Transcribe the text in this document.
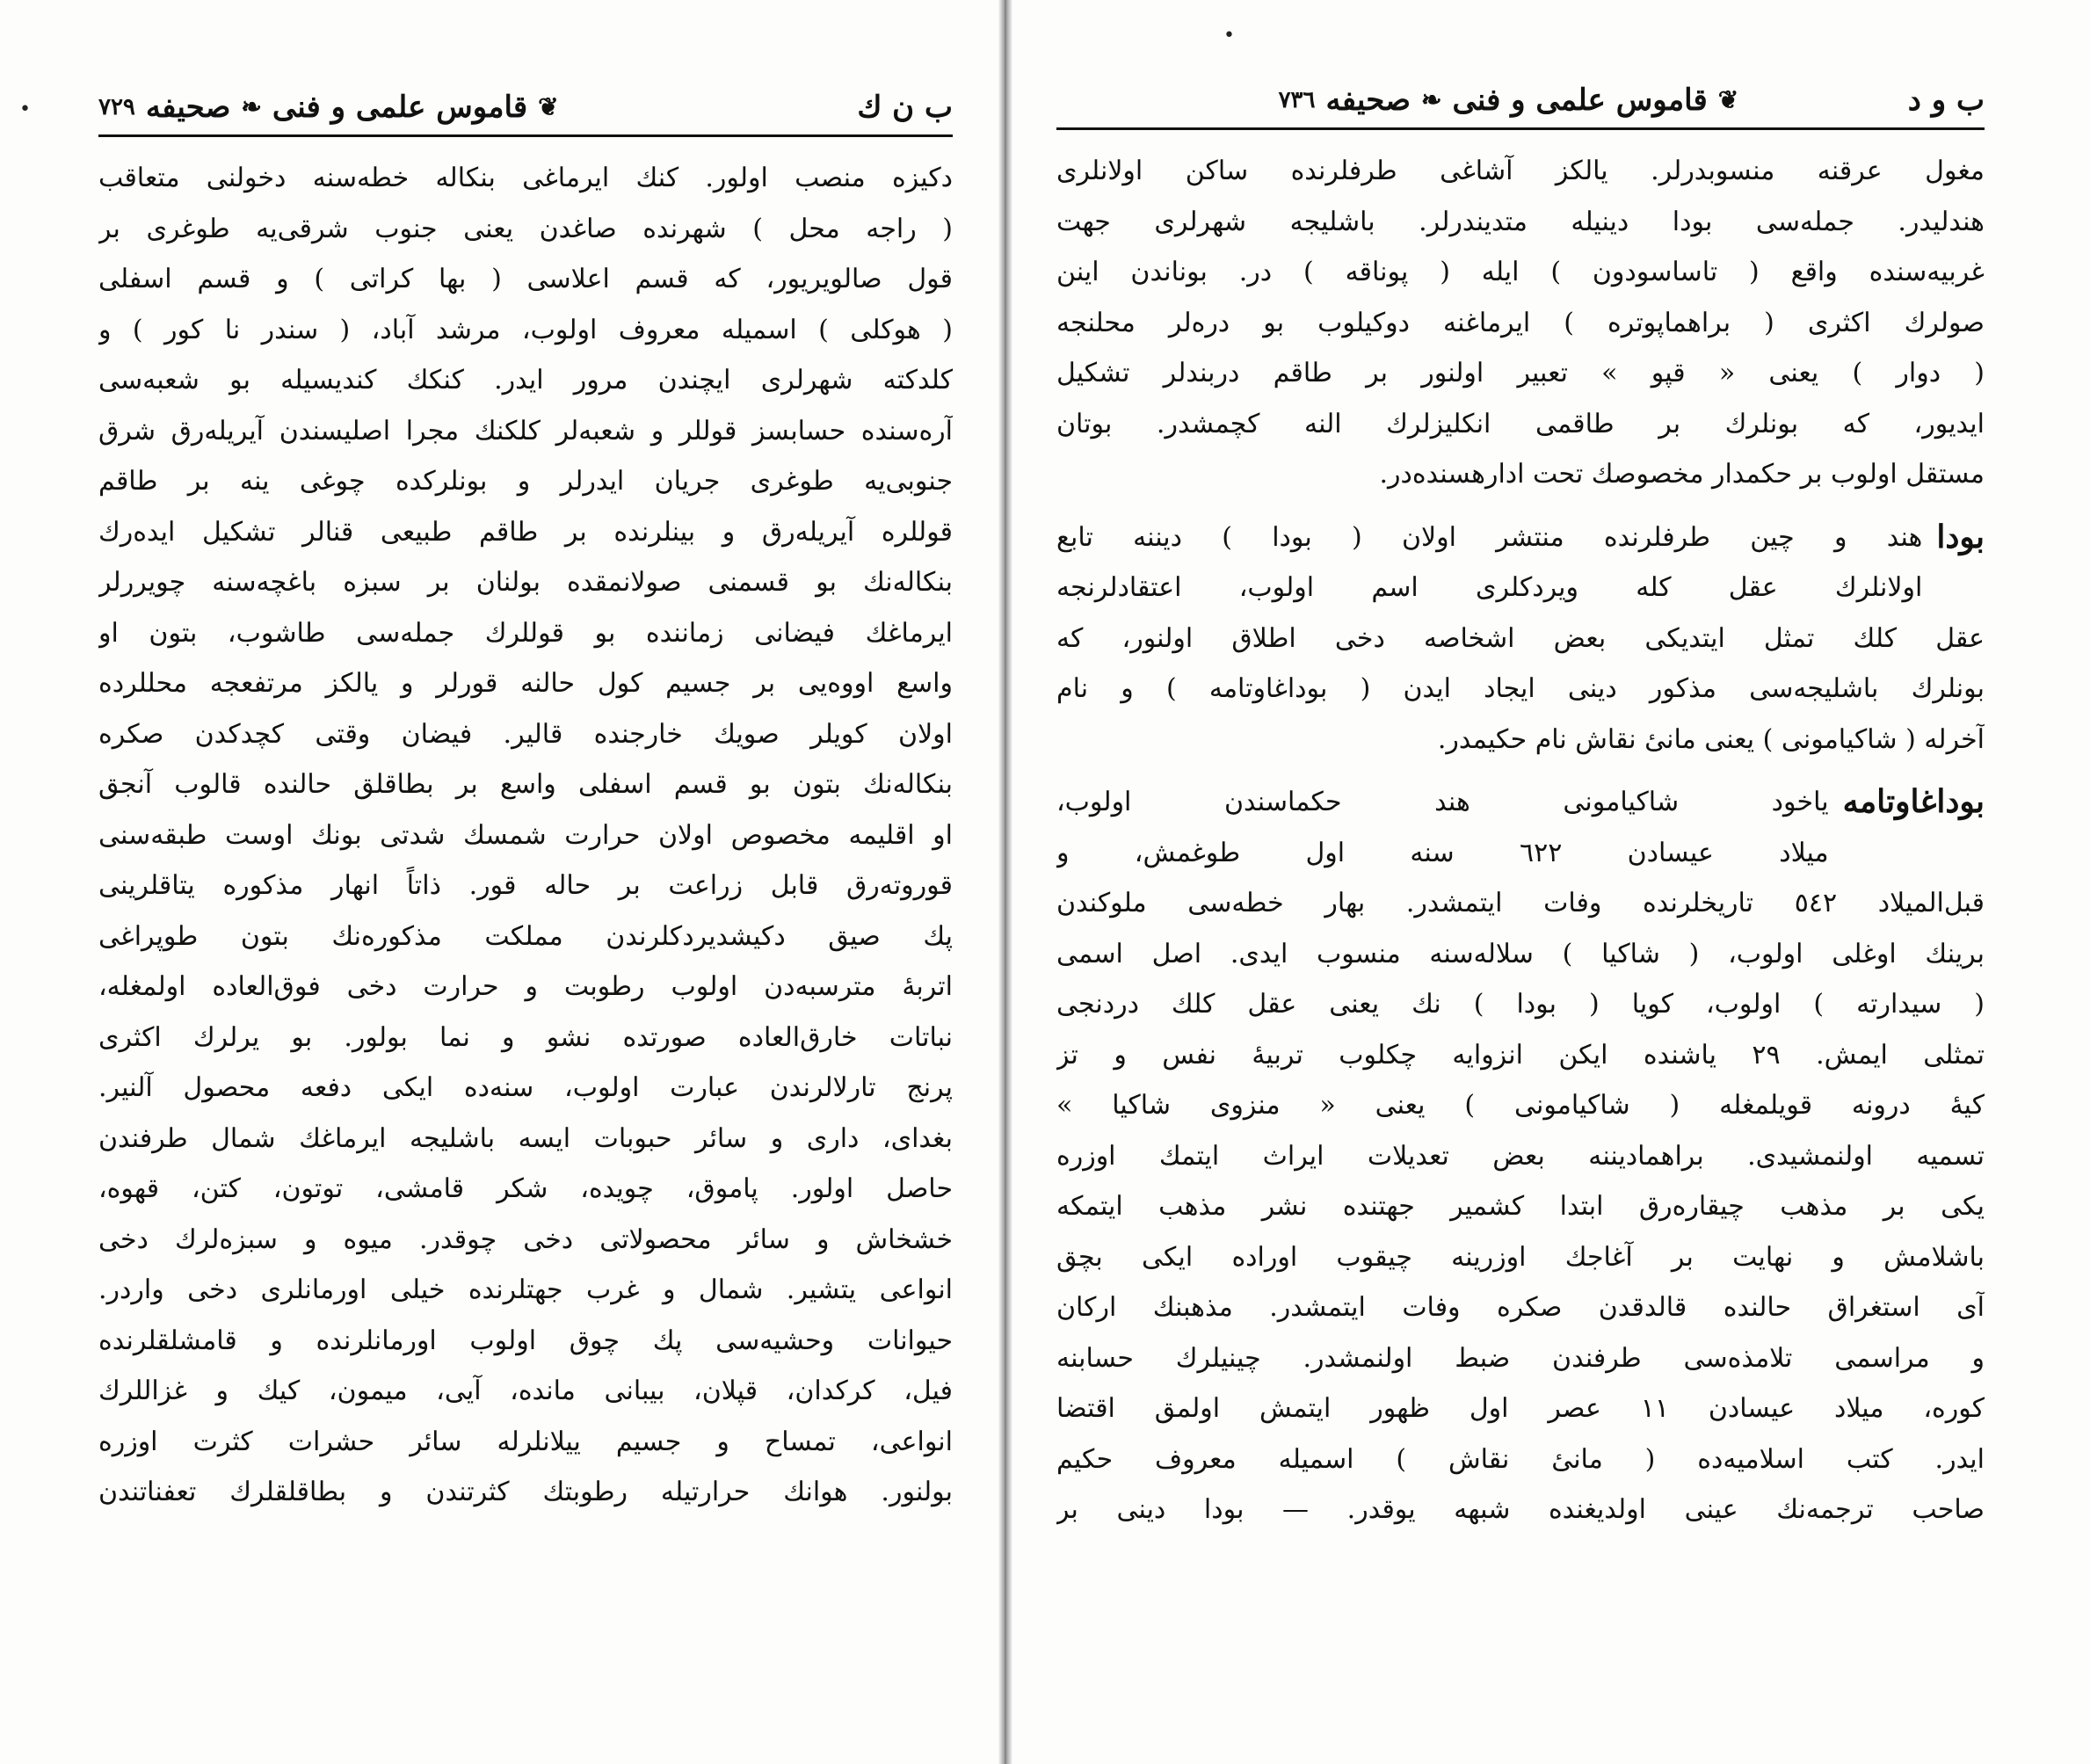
•
•
ب ن ك
❦
قاموس علمی و فنی
❧
صحیفه
٧٢٩
دکیزه منصب اولور. کنك ایرماغی بنکاله خطه‌سنه دخولنی متعاقب
( راجه محل ) شهرنده صاغدن یعنی جنوب شرقی‌یه طوغری بر
قول صالویریور، که قسم اعلاسی ( بها کراتی ) و قسم اسفلی
( هوکلی ) اسمیله معروف اولوب، مرشد آباد، ( سندر نا کور ) و
کلدکته شهرلری ایچندن مرور ایدر. کنکك کندیسیله بو شعبه‌سی
آره‌سنده حسابسز قوللر و شعبه‌لر کلکنك مجرا اصلیسندن آیریله‌رق شرق
جنوبی‌یه طوغری جریان ایدرلر و بونلرکده چوغی ینه بر طاقم
قوللره آیریله‌رق و بینلرنده بر طاقم طبیعی قنالر تشکیل ایده‌رك
بنکاله‌نك بو قسمنی صولانمقده بولنان بر سبزه باغچه‌سنه چویررلر
ایرماغك فیضانی زماننده بو قوللرك جمله‌سی طاشوب، بتون او
واسع اووه‌یی بر جسیم کول حالنه قورلر و یالکز مرتفعجه محللرده
اولان کویلر صویك خارجنده قالیر. فیضان وقتی کچدکدن صکره
بنکاله‌نك بتون بو قسم اسفلی واسع بر بطاقلق حالنده قالوب آنجق
او اقلیمه مخصوص اولان حرارت شمسك شدتی بونك اوست طبقه‌سنی
قوروته‌رق قابل زراعت بر حاله قور. ذاتاً انهار مذکوره یتاقلرینی
پك صیق دکیشدیردکلرندن مملکت مذکوره‌نك بتون طوپراغی
اتربهٔ مترسبه‌دن اولوب رطوبت و حرارت دخی فوق‌العاده اولمغله،
نباتات خارق‌العاده صورتده نشو و نما بولور. بو یرلرك اکثری
پرنج تارلالرندن عبارت اولوب، سنه‌ده ایکی دفعه محصول آلنیر.
بغدای، داری و سائر حبوبات ایسه باشلیجه ایرماغك شمال طرفندن
حاصل اولور. پاموق، چویده، شکر قامشی، توتون، کتن، قهوه،
خشخاش و سائر محصولاتی دخی چوقدر. میوه و سبزه‌لرك دخی
انواعی یتشیر. شمال و غرب جهتلرنده خیلی اورمانلری دخی واردر.
حیوانات وحشیه‌سی پك چوق اولوب اورمانلرنده و قامشلقلرنده
فیل، کرکدان، قپلان، بیبانی مانده، آیی، میمون، کیك و غزاللرك
انواعی، تمساح و جسیم ییلانلرله سائر حشرات کثرت اوزره
بولنور. هوانك حرارتیله رطوبتك کثرتندن و بطاقلقلرك تعفناتندن
ب و د
❦
قاموس علمی و فنی
❧
صحیفه
٧٣٦
مغول عرقنه منسوبدرلر. یالکز آشاغی طرفلرنده ساکن اولانلری
هندلیدر. جمله‌سی بودا دینیله متدیندرلر. باشلیجه شهرلری جهت
غربیه‌سنده واقع ( تاساسودون ) ایله ( پوناقه ) در. بوناندن اینن
صولرك اکثری ( براهماپوتره ) ایرماغنه دوکیلوب بو دره‌لر محلنجه
( دوار ) یعنی « قپو » تعبیر اولنور بر طاقم دربندلر تشکیل
ایدیور، که بونلرك بر طاقمی انکلیزلرك النه کچمشدر. بوتان
مستقل اولوب بر حکمدار مخصوصك تحت ادارهسنده‌در.
بودا
هند و چین طرفلرنده منتشر اولان ( بودا ) دیننه تابع
اولانلرك عقل کله ویردکلری اسم اولوب، اعتقادلرنجه
عقل کلك تمثل ایتدیکی بعض اشخاصه دخی اطلاق اولنور، که
بونلرك باشلیجه‌سی مذکور دینی ایجاد ایدن ( بوداغاوتامه ) و نام
آخرله ( شاکیامونی ) یعنی مانیٔ نقاش نام حکیمدر.
بوداغاوتامه
یاخود شاکیامونی هند حکماسندن اولوب،
میلاد عیسادن ٦٢٢ سنه اول طوغمش، و
قبل‌المیلاد ٥٤٢ تاریخلرنده وفات ایتمشدر. بهار خطه‌سی ملوکندن
برینك اوغلی اولوب، ( شاکیا ) سلاله‌سنه منسوب ایدی. اصل اسمی
( سیدارته ) اولوب، کویا ( بودا ) نك یعنی عقل کلك دردنجی
تمثلی ایمش. ٢٩ یاشنده ایکن انزوایه چکلوب تربیهٔ نفس و تز
کیهٔ درونه قویلمغله ( شاکیامونی ) یعنی « منزوی شاکیا »
تسمیه اولنمشیدی. براهمادیننه بعض تعدیلات ایراث ایتمك اوزره
یکی بر مذهب چیقاره‌رق ابتدا کشمیر جهتنده نشر مذهب ایتمکه
باشلامش و نهایت بر آغاجك اوزرینه چیقوب اوراده ایکی بچق
آی استغراق حالنده قالدقدن صکره وفات ایتمشدر. مذهبنك ارکان
و مراسمی تلامذه‌سی طرفندن ضبط اولنمشدر. چینیلرك حسابنه
کوره، میلاد عیسادن ١١ عصر اول ظهور ایتمش اولمق اقتضا
ایدر. کتب اسلامیه‌ده ( مانیٔ نقاش ) اسمیله معروف حکیم
صاحب ترجمه‌نك عینی اولدیغنده شبهه یوقدر. — بودا دینی بر
